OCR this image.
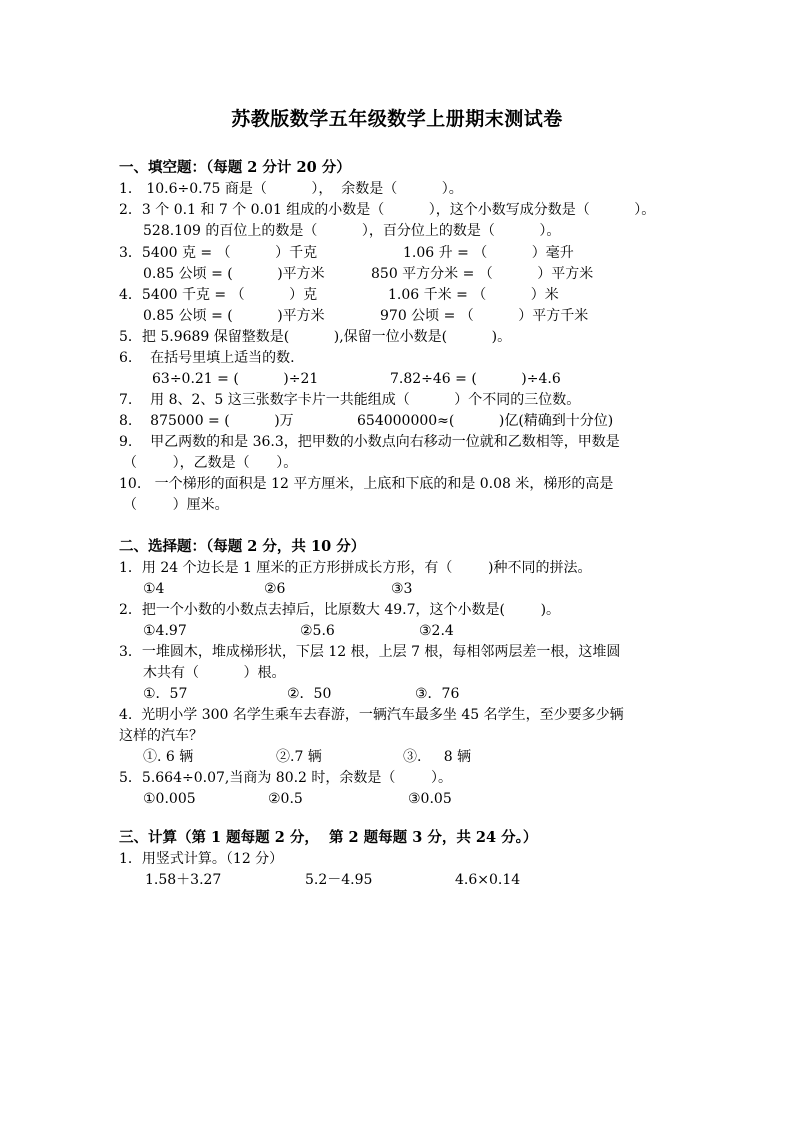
苏教版数学五年级数学上册期末测试卷
一、填空题：（每题 2 分计 20 分）
1． 10.6÷0.75 商是（          ），  余数是（          ）。
2．3 个 0.1 和 7 个 0.01 组成的小数是（          ），这个小数写成分数是（          ）。
528.109 的百位上的数是（          ），百分位上的数是（          ）。
3．5400 克 = （          ）千克	1.06 升 = （          ）毫升
0.85 公顷 = (          )平方米	850 平方分米 = （          ）平方米
4．5400 千克 = （          ）克	1.06 千米 = （          ）米
0.85 公顷 = (          )平方米	970 公顷 = （          ）平方千米
5．把 5.9689 保留整数是(          ),保留一位小数是(          )。
6.    在括号里填上适当的数.
63÷0.21 = (          )÷21	7.82÷46 = (          )÷4.6
7.    用 8、2、5 这三张数字卡片一共能组成（          ）个不同的三位数。
8.    875000 = (          )万	654000000≈(          )亿(精确到十分位)
9.    甲乙两数的和是 36.3，把甲数的小数点向右移动一位就和乙数相等，甲数是
（        ），乙数是（      ）。
10.   一个梯形的面积是 12 平方厘米，上底和下底的和是 0.08 米，梯形的高是
（        ）厘米。
二、选择题：（每题 2 分，共 10 分）
1．用 24 个边长是 1 厘米的正方形拼成长方形，有（        )种不同的拼法。
①4	②6	③3
2．把一个小数的小数点去掉后，比原数大 49.7，这个小数是(        )。
①4.97	②5.6	③2.4
3．一堆圆木，堆成梯形状，下层 12 根，上层 7 根，每相邻两层差一根，这堆圆
木共有（          ）根。
①．57	②．50	③．76
4.  光明小学 300 名学生乘车去春游，一辆汽车最多坐 45 名学生，至少要多少辆
这样的汽车？
①. 6 辆	②.7 辆	③.     8 辆
5．5.664÷0.07,当商为 80.2 时，余数是（        ）。
①0.005	②0.5	③0.05
三、计算（第 1 题每题 2 分，  第 2 题每题 3 分，共 24 分。）
1．用竖式计算。（12 分）
1.58＋3.27	5.2－4.95	4.6×0.14
